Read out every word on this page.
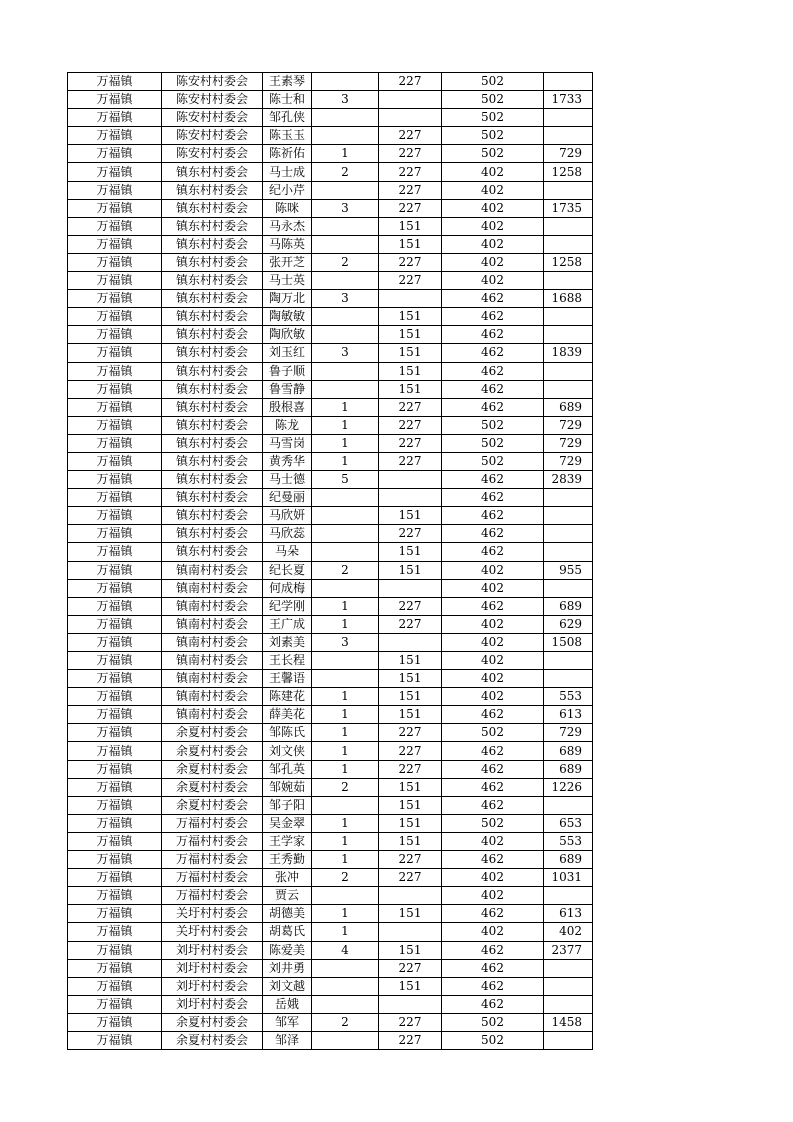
万福镇	陈安村村委会	王素琴		227	502	
万福镇	陈安村村委会	陈士和	3		502	1733
万福镇	陈安村村委会	邹孔侠			502	
万福镇	陈安村村委会	陈玉玉		227	502	
万福镇	陈安村村委会	陈祈佑	1	227	502	729
万福镇	镇东村村委会	马士成	2	227	402	1258
万福镇	镇东村村委会	纪小芹		227	402	
万福镇	镇东村村委会	陈咪	3	227	402	1735
万福镇	镇东村村委会	马永杰		151	402	
万福镇	镇东村村委会	马陈英		151	402	
万福镇	镇东村村委会	张开芝	2	227	402	1258
万福镇	镇东村村委会	马士英		227	402	
万福镇	镇东村村委会	陶万北	3		462	1688
万福镇	镇东村村委会	陶敏敏		151	462	
万福镇	镇东村村委会	陶欣敏		151	462	
万福镇	镇东村村委会	刘玉红	3	151	462	1839
万福镇	镇东村村委会	鲁子顺		151	462	
万福镇	镇东村村委会	鲁雪静		151	462	
万福镇	镇东村村委会	殷根喜	1	227	462	689
万福镇	镇东村村委会	陈龙	1	227	502	729
万福镇	镇东村村委会	马雪岗	1	227	502	729
万福镇	镇东村村委会	黄秀华	1	227	502	729
万福镇	镇东村村委会	马士德	5		462	2839
万福镇	镇东村村委会	纪曼丽			462	
万福镇	镇东村村委会	马欣妍		151	462	
万福镇	镇东村村委会	马欣蕊		227	462	
万福镇	镇东村村委会	马朵		151	462	
万福镇	镇南村村委会	纪长夏	2	151	402	955
万福镇	镇南村村委会	何成梅			402	
万福镇	镇南村村委会	纪学刚	1	227	462	689
万福镇	镇南村村委会	王广成	1	227	402	629
万福镇	镇南村村委会	刘素美	3		402	1508
万福镇	镇南村村委会	王长程		151	402	
万福镇	镇南村村委会	王馨语		151	402	
万福镇	镇南村村委会	陈建花	1	151	402	553
万福镇	镇南村村委会	薛美花	1	151	462	613
万福镇	余夏村村委会	邹陈氏	1	227	502	729
万福镇	余夏村村委会	刘文侠	1	227	462	689
万福镇	余夏村村委会	邹孔英	1	227	462	689
万福镇	余夏村村委会	邹婉茹	2	151	462	1226
万福镇	余夏村村委会	邹子阳		151	462	
万福镇	万福村村委会	吴金翠	1	151	502	653
万福镇	万福村村委会	王学家	1	151	402	553
万福镇	万福村村委会	王秀勤	1	227	462	689
万福镇	万福村村委会	张冲	2	227	402	1031
万福镇	万福村村委会	贾云			402	
万福镇	关圩村村委会	胡德美	1	151	462	613
万福镇	关圩村村委会	胡葛氏	1		402	402
万福镇	刘圩村村委会	陈爱美	4	151	462	2377
万福镇	刘圩村村委会	刘井勇		227	462	
万福镇	刘圩村村委会	刘文越		151	462	
万福镇	刘圩村村委会	岳娥			462	
万福镇	余夏村村委会	邹军	2	227	502	1458
万福镇	余夏村村委会	邹泽		227	502	
